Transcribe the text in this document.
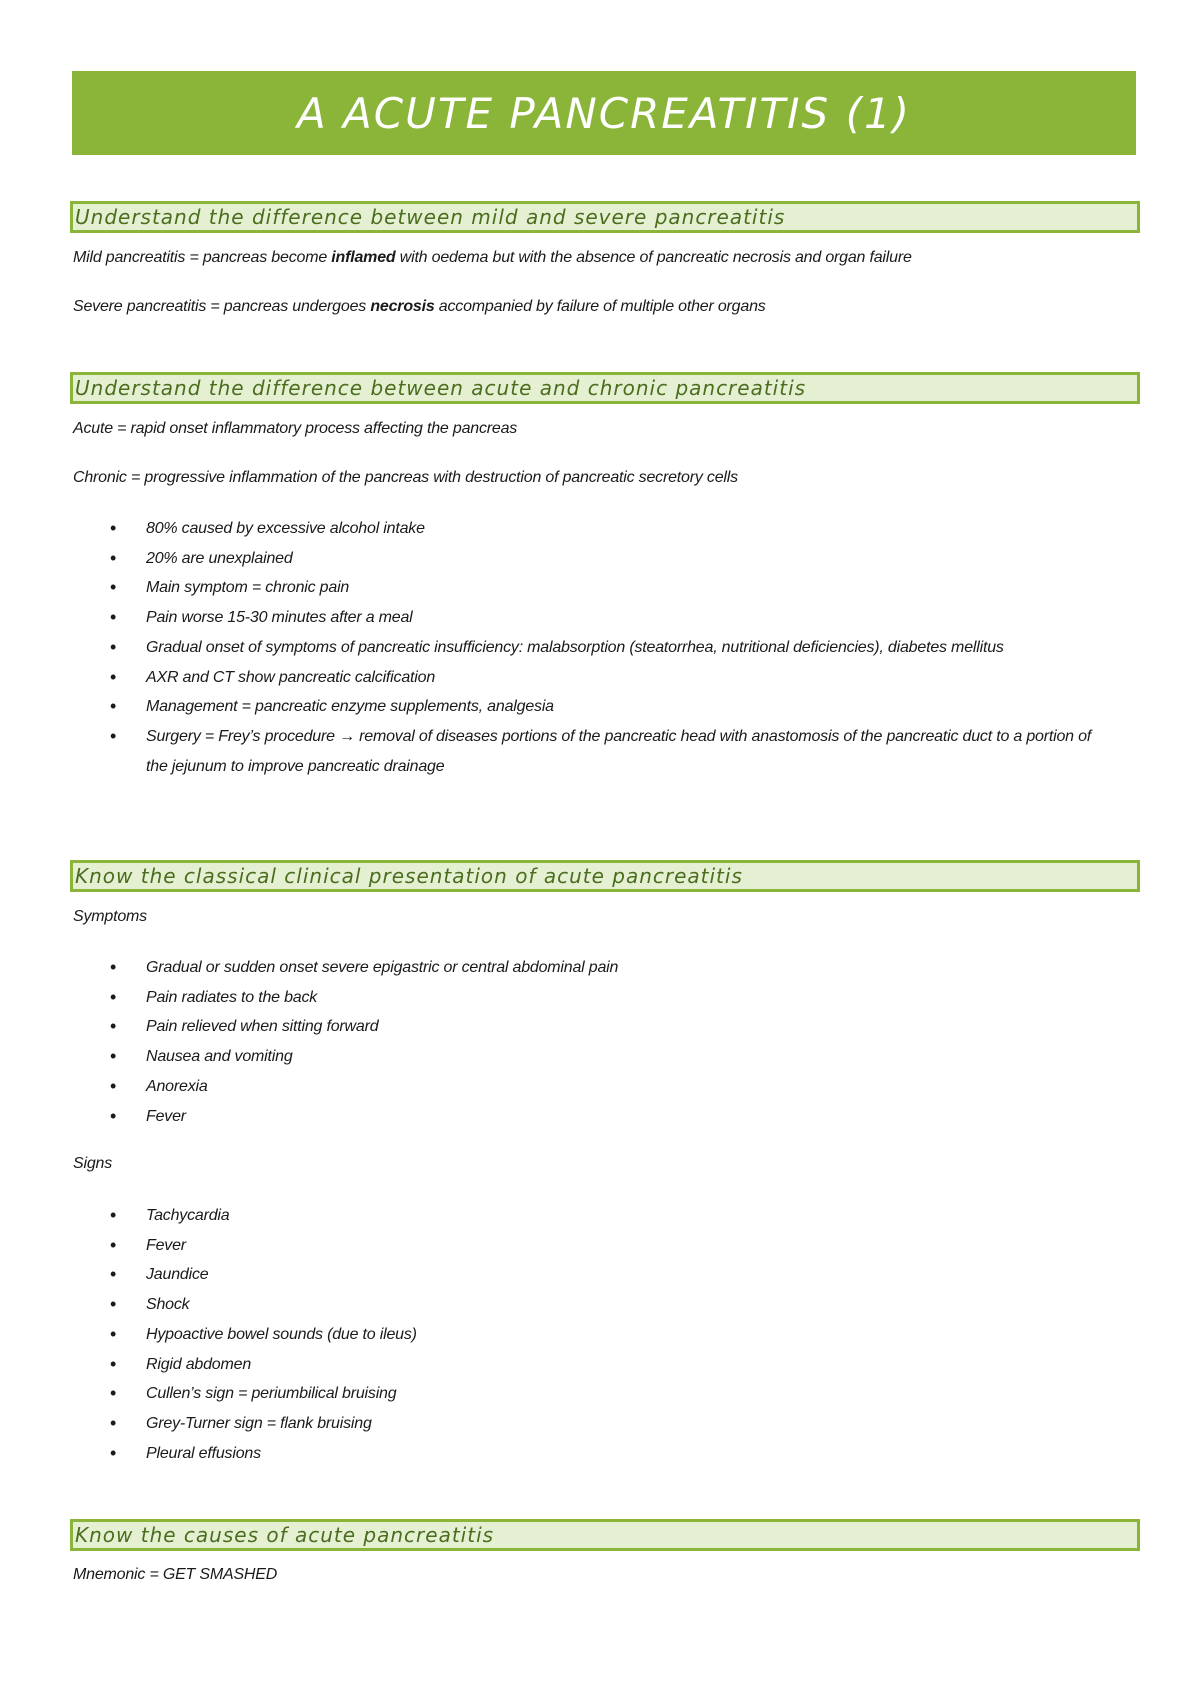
A ACUTE PANCREATITIS (1)
Understand the difference between mild and severe pancreatitis
Mild pancreatitis = pancreas become inflamed with oedema but with the absence of pancreatic necrosis and organ failure
Severe pancreatitis = pancreas undergoes necrosis accompanied by failure of multiple other organs
Understand the difference between acute and chronic pancreatitis
Acute = rapid onset inflammatory process affecting the pancreas
Chronic = progressive inflammation of the pancreas with destruction of pancreatic secretory cells
• 80% caused by excessive alcohol intake
• 20% are unexplained
• Main symptom = chronic pain
• Pain worse 15-30 minutes after a meal
• Gradual onset of symptoms of pancreatic insufficiency: malabsorption (steatorrhea, nutritional deficiencies), diabetes mellitus
• AXR and CT show pancreatic calcification
• Management = pancreatic enzyme supplements, analgesia
• Surgery = Frey’s procedure → removal of diseases portions of the pancreatic head with anastomosis of the pancreatic duct to a portion of the jejunum to improve pancreatic drainage
Know the classical clinical presentation of acute pancreatitis
Symptoms
• Gradual or sudden onset severe epigastric or central abdominal pain
• Pain radiates to the back
• Pain relieved when sitting forward
• Nausea and vomiting
• Anorexia
• Fever
Signs
• Tachycardia
• Fever
• Jaundice
• Shock
• Hypoactive bowel sounds (due to ileus)
• Rigid abdomen
• Cullen’s sign = periumbilical bruising
• Grey-Turner sign = flank bruising
• Pleural effusions
Know the causes of acute pancreatitis
Mnemonic = GET SMASHED
